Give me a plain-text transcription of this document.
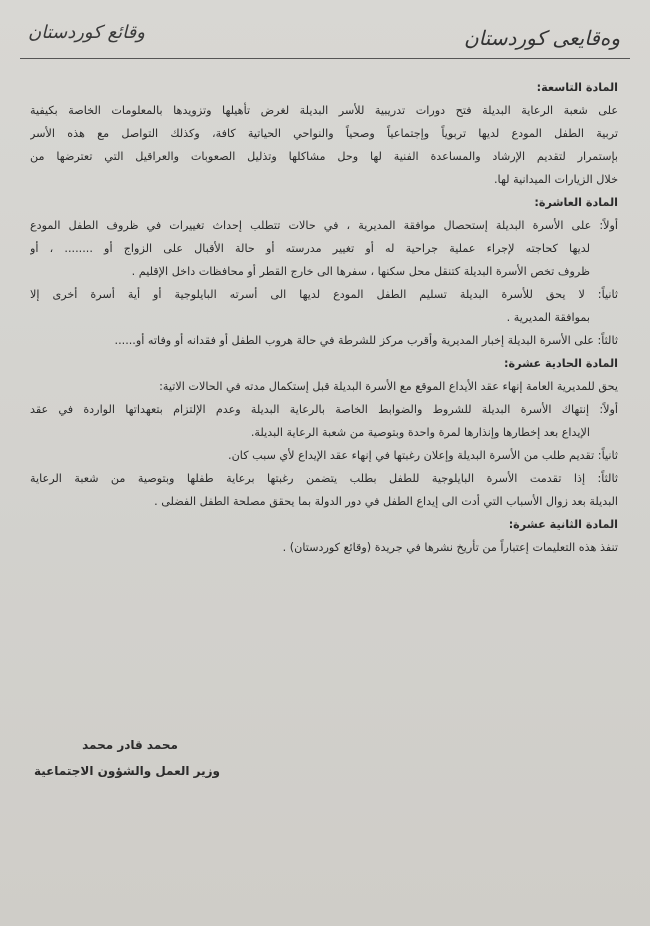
وەقایعی كوردستان
وقائع كوردستان
المادة التاسعة:
على شعبة الرعاية البديلة فتح دورات تدريبية للأسر البديلة لغرض تأهيلها وتزويدها بالمعلومات الخاصة بكيفية
تربية الطفل المودع لديها تربوياً وإجتماعياً وصحياً والنواحي الحياتية كافة، وكذلك التواصل مع هذه الأسر
بإستمرار لتقديم الإرشاد والمساعدة الفنية لها وحل مشاكلها وتذليل الصعوبات والعراقيل التي تعترضها من
خلال الزيارات الميدانية لها.
المادة العاشرة:
أولاً: على الأسرة البديلة إستحصال موافقة المديرية ، في حالات تتطلب إحداث تغييرات في ظروف الطفل المودع
لديها كحاجته لإجراء عملية جراحية له أو تغيير مدرسته أو حالة الأقبال على الزواج أو ........ ، أو
ظروف تخص الأسرة البديلة كتنقل محل سكنها ، سفرها الى خارج القطر أو محافظات داخل الإقليم .
ثانياً: لا يحق للأسرة البديلة تسليم الطفل المودع لديها الى أسرته البايلوجية أو أية أسرة أخرى إلا
بموافقة المديرية .
ثالثاً: على الأسرة البديلة إخبار المديرية وأقرب مركز للشرطة في حالة هروب الطفل أو فقدانه أو وفاته أو......
المادة الحادية عشرة:
يحق للمديرية العامة إنهاء عقد الأيداع الموقع مع الأسرة البديلة قبل إستكمال مدته في الحالات الاتية:
أولاً: إنتهاك الأسرة البديلة للشروط والضوابط الخاصة بالرعاية البديلة وعدم الإلتزام بتعهداتها الواردة في عقد
الإيداع بعد إخطارها وإنذارها لمرة واحدة وبتوصية من شعبة الرعاية البديلة.
ثانياً: تقديم طلب من الأسرة البديلة وإعلان رغبتها في إنهاء عقد الإيداع لأي سبب كان.
ثالثاً: إذا تقدمت الأسرة البايلوجية للطفل بطلب يتضمن رغبتها برعاية طفلها وبتوصية من شعبة الرعاية
البديلة بعد زوال الأسباب التي أدت الى إيداع الطفل في دور الدولة بما يحقق مصلحة الطفل الفضلى .
المادة الثانية عشرة:
تنفذ هذه التعليمات إعتباراً من تأريخ نشرها في جريدة (وقائع كوردستان) .
محمد قادر محمد
وزير العمل والشؤون الاجتماعية
